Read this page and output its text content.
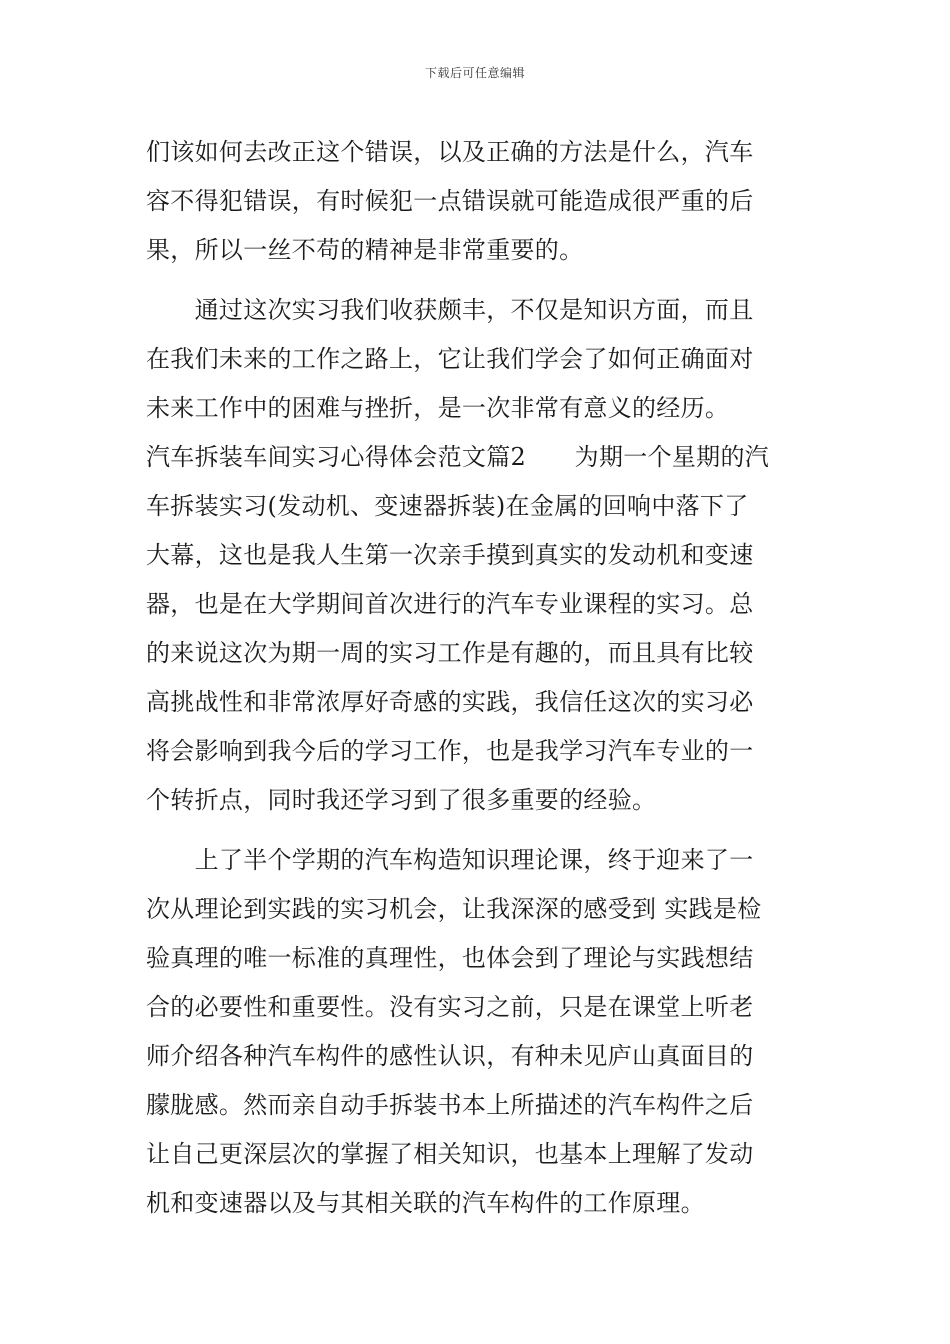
下载后可任意编辑
们该如何去改正这个错误，以及正确的方法是什么，汽车
容不得犯错误，有时候犯一点错误就可能造成很严重的后
果，所以一丝不苟的精神是非常重要的。
　　通过这次实习我们收获颇丰，不仅是知识方面，而且
在我们未来的工作之路上，它让我们学会了如何正确面对
未来工作中的困难与挫折，是一次非常有意义的经历。
汽车拆装车间实习心得体会范文篇2　　为期一个星期的汽
车拆装实习(发动机、变速器拆装)在金属的回响中落下了
大幕，这也是我人生第一次亲手摸到真实的发动机和变速
器，也是在大学期间首次进行的汽车专业课程的实习。总
的来说这次为期一周的实习工作是有趣的，而且具有比较
高挑战性和非常浓厚好奇感的实践，我信任这次的实习必
将会影响到我今后的学习工作，也是我学习汽车专业的一
个转折点，同时我还学习到了很多重要的经验。
　　上了半个学期的汽车构造知识理论课，终于迎来了一
次从理论到实践的实习机会，让我深深的感受到 实践是检
验真理的唯一标准的真理性，也体会到了理论与实践想结
合的必要性和重要性。没有实习之前，只是在课堂上听老
师介绍各种汽车构件的感性认识，有种未见庐山真面目的
朦胧感。然而亲自动手拆装书本上所描述的汽车构件之后
让自己更深层次的掌握了相关知识，也基本上理解了发动
机和变速器以及与其相关联的汽车构件的工作原理。
